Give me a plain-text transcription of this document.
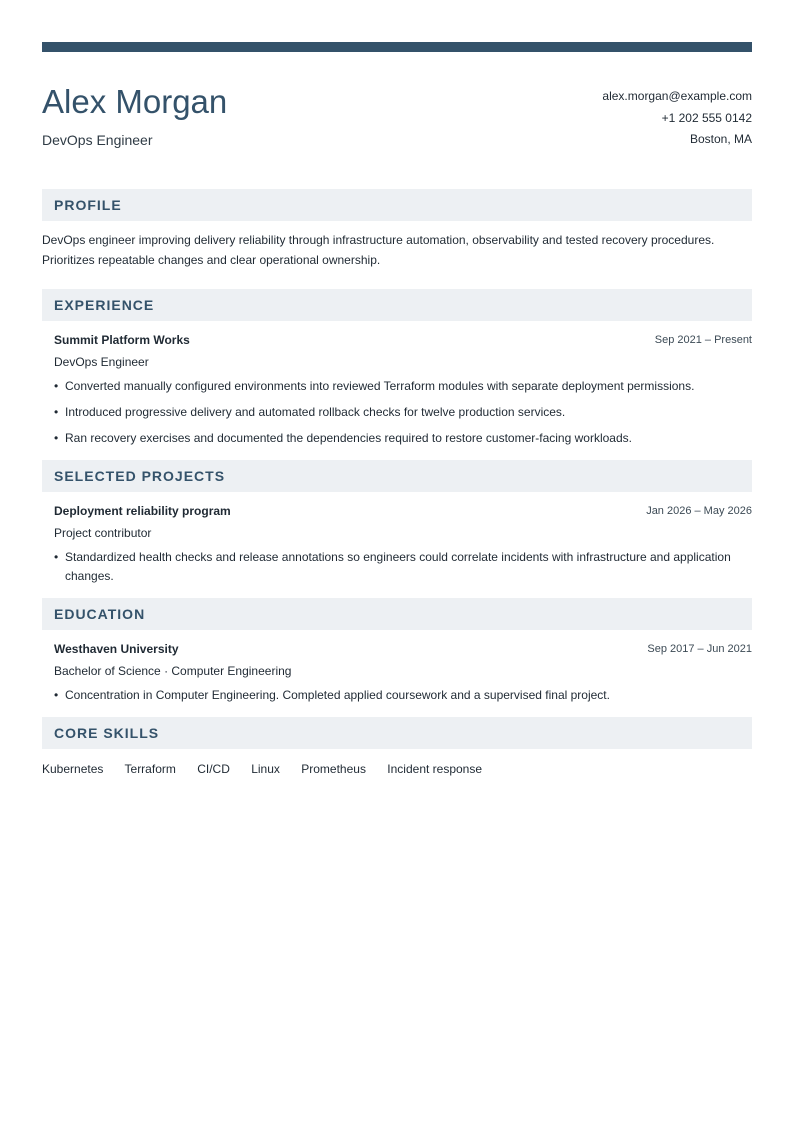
Alex Morgan
DevOps Engineer
alex.morgan@example.com
+1 202 555 0142
Boston, MA
PROFILE

DevOps engineer improving delivery reliability through infrastructure automation, observability and tested recovery procedures. Prioritizes repeatable changes and clear operational ownership.

EXPERIENCE
Summit Platform Works	Sep 2021 – Present
DevOps Engineer
• Converted manually configured environments into reviewed Terraform modules with separate deployment permissions.
• Introduced progressive delivery and automated rollback checks for twelve production services.
• Ran recovery exercises and documented the dependencies required to restore customer-facing workloads.
SELECTED PROJECTS
Deployment reliability program	Jan 2026 – May 2026
Project contributor
• Standardized health checks and release annotations so engineers could correlate incidents with infrastructure and application changes.
EDUCATION
Westhaven University	Sep 2017 – Jun 2021
Bachelor of Science · Computer Engineering
• Concentration in Computer Engineering. Completed applied coursework and a supervised final project.
CORE SKILLS
Kubernetes Terraform CI/CD Linux Prometheus Incident response
